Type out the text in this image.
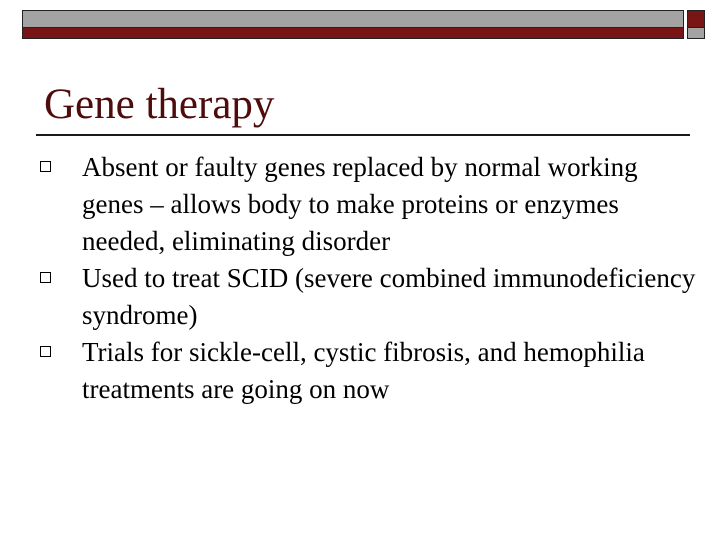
Gene therapy
Absent or faulty genes replaced by normal working genes – allows body to make proteins or enzymes needed, eliminating disorder
Used to treat SCID (severe combined immunodeficiency syndrome)
Trials for sickle-cell, cystic fibrosis, and hemophilia treatments are going on now
